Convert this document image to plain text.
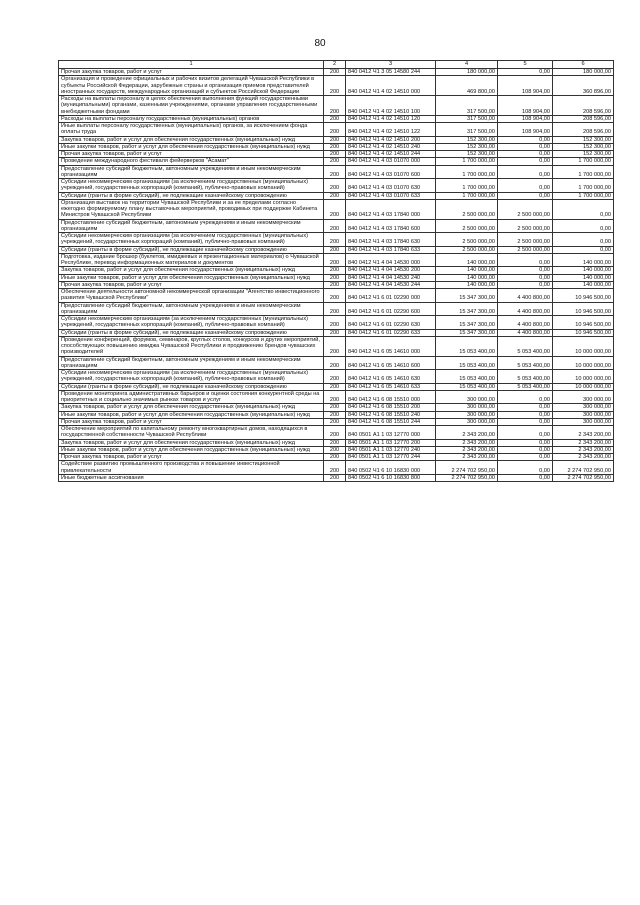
80
1	2	3	4	5	6
Прочая закупка товаров, работ и услуг	200	840 0412 Ч1 3 05 14580 244	180 000,00	0,00	180 000,00
Организация и проведение официальных и рабочих визитов делегаций Чувашской Республики в субъекты Российской Федерации, зарубежные страны и организация приемов представителей иностранных государств, международных организаций и субъектов Российской Федерации	200	840 0412 Ч1 4 02 14510 000	469 800,00	108 904,00	360 896,00
Расходы на выплаты персоналу в целях обеспечения выполнения функций государственными (муниципальными) органами, казенными учреждениями, органами управления государственными внебюджетными фондами	200	840 0412 Ч1 4 02 14510 100	317 500,00	108 904,00	208 596,00
Расходы на выплаты персоналу государственных (муниципальных) органов	200	840 0412 Ч1 4 02 14510 120	317 500,00	108 904,00	208 596,00
Иные выплаты персоналу государственных (муниципальных) органов, за исключением фонда оплаты труда	200	840 0412 Ч1 4 02 14510 122	317 500,00	108 904,00	208 596,00
Закупка товаров, работ и услуг для обеспечения государственных (муниципальных) нужд	200	840 0412 Ч1 4 02 14510 200	152 300,00	0,00	152 300,00
Иные закупки товаров, работ и услуг для обеспечения государственных (муниципальных) нужд	200	840 0412 Ч1 4 02 14510 240	152 300,00	0,00	152 300,00
Прочая закупка товаров, работ и услуг	200	840 0412 Ч1 4 02 14510 244	152 300,00	0,00	152 300,00
Проведение международного фестиваля фейерверков "Асамат"	200	840 0412 Ч1 4 03 01070 000	1 700 000,00	0,00	1 700 000,00
Предоставление субсидий бюджетным, автономным учреждениям и иным некоммерческим организациям	200	840 0412 Ч1 4 03 01070 600	1 700 000,00	0,00	1 700 000,00
Субсидии некоммерческим организациям (за исключением государственных (муниципальных) учреждений, государственных корпораций (компаний), публично-правовых компаний)	200	840 0412 Ч1 4 03 01070 630	1 700 000,00	0,00	1 700 000,00
Субсидии (гранты в форме субсидий), не подлежащие казначейскому сопровождению	200	840 0412 Ч1 4 03 01070 633	1 700 000,00	0,00	1 700 000,00
Организация выставок на территории Чувашской Республики и за ее пределами согласно ежегодно формируемому плану выставочных мероприятий, проводимых при поддержке Кабинета Министров Чувашской Республики	200	840 0412 Ч1 4 03 17840 000	2 500 000,00	2 500 000,00	0,00
Предоставление субсидий бюджетным, автономным учреждениям и иным некоммерческим организациям	200	840 0412 Ч1 4 03 17840 600	2 500 000,00	2 500 000,00	0,00
Субсидии некоммерческим организациям (за исключением государственных (муниципальных) учреждений, государственных корпораций (компаний), публично-правовых компаний)	200	840 0412 Ч1 4 03 17840 630	2 500 000,00	2 500 000,00	0,00
Субсидии (гранты в форме субсидий), не подлежащие казначейскому сопровождению	200	840 0412 Ч1 4 03 17840 633	2 500 000,00	2 500 000,00	0,00
Подготовка, издание брошюр (буклетов, имиджевых и презентационных материалов) о Чувашской Республике, перевод информационных материалов и документов	200	840 0412 Ч1 4 04 14530 000	140 000,00	0,00	140 000,00
Закупка товаров, работ и услуг для обеспечения государственных (муниципальных) нужд	200	840 0412 Ч1 4 04 14530 200	140 000,00	0,00	140 000,00
Иные закупки товаров, работ и услуг для обеспечения государственных (муниципальных) нужд	200	840 0412 Ч1 4 04 14530 240	140 000,00	0,00	140 000,00
Прочая закупка товаров, работ и услуг	200	840 0412 Ч1 4 04 14530 244	140 000,00	0,00	140 000,00
Обеспечение деятельности автономной некоммерческой организации "Агентство инвестиционного развития Чувашской Республики"	200	840 0412 Ч1 6 01 02290 000	15 347 300,00	4 400 800,00	10 946 500,00
Предоставление субсидий бюджетным, автономным учреждениям и иным некоммерческим организациям	200	840 0412 Ч1 6 01 02290 600	15 347 300,00	4 400 800,00	10 946 500,00
Субсидии некоммерческим организациям (за исключением государственных (муниципальных) учреждений, государственных корпораций (компаний), публично-правовых компаний)	200	840 0412 Ч1 6 01 02290 630	15 347 300,00	4 400 800,00	10 946 500,00
Субсидии (гранты в форме субсидий), не подлежащие казначейскому сопровождению	200	840 0412 Ч1 6 01 02290 633	15 347 300,00	4 400 800,00	10 946 500,00
Проведение конференций, форумов, семинаров, круглых столов, конкурсов и других мероприятий, способствующих повышению имиджа Чувашской Республики и продвижению брендов чувашских производителей	200	840 0412 Ч1 6 05 14610 000	15 053 400,00	5 053 400,00	10 000 000,00
Предоставление субсидий бюджетным, автономным учреждениям и иным некоммерческим организациям	200	840 0412 Ч1 6 05 14610 600	15 053 400,00	5 053 400,00	10 000 000,00
Субсидии некоммерческим организациям (за исключением государственных (муниципальных) учреждений, государственных корпораций (компаний), публично-правовых компаний)	200	840 0412 Ч1 6 05 14610 630	15 053 400,00	5 053 400,00	10 000 000,00
Субсидии (гранты в форме субсидий), не подлежащие казначейскому сопровождению	200	840 0412 Ч1 6 05 14610 633	15 053 400,00	5 053 400,00	10 000 000,00
Проведение мониторинга административных барьеров и оценки состояния конкурентной среды на приоритетных и социально значимых рынках товаров и услуг	200	840 0412 Ч1 6 08 15510 000	300 000,00	0,00	300 000,00
Закупка товаров, работ и услуг для обеспечения государственных (муниципальных) нужд	200	840 0412 Ч1 6 08 15510 200	300 000,00	0,00	300 000,00
Иные закупки товаров, работ и услуг для обеспечения государственных (муниципальных) нужд	200	840 0412 Ч1 6 08 15510 240	300 000,00	0,00	300 000,00
Прочая закупка товаров, работ и услуг	200	840 0412 Ч1 6 08 15510 244	300 000,00	0,00	300 000,00
Обеспечение мероприятий по капитальному ремонту многоквартирных домов, находящихся в государственной собственности Чувашской Республики	200	840 0501 А1 1 03 12770 000	2 343 200,00	0,00	2 343 200,00
Закупка товаров, работ и услуг для обеспечения государственных (муниципальных) нужд	200	840 0501 А1 1 03 12770 200	2 343 200,00	0,00	2 343 200,00
Иные закупки товаров, работ и услуг для обеспечения государственных (муниципальных) нужд	200	840 0501 А1 1 03 12770 240	2 343 200,00	0,00	2 343 200,00
Прочая закупка товаров, работ и услуг	200	840 0501 А1 1 03 12770 244	2 343 200,00	0,00	2 343 200,00
Содействие развитию промышленного производства и повышение инвестиционной привлекательности	200	840 0502 Ч1 6 10 16830 000	2 274 702 950,00	0,00	2 274 702 950,00
Иные бюджетные ассигнования	200	840 0502 Ч1 6 10 16830 800	2 274 702 950,00	0,00	2 274 702 950,00
